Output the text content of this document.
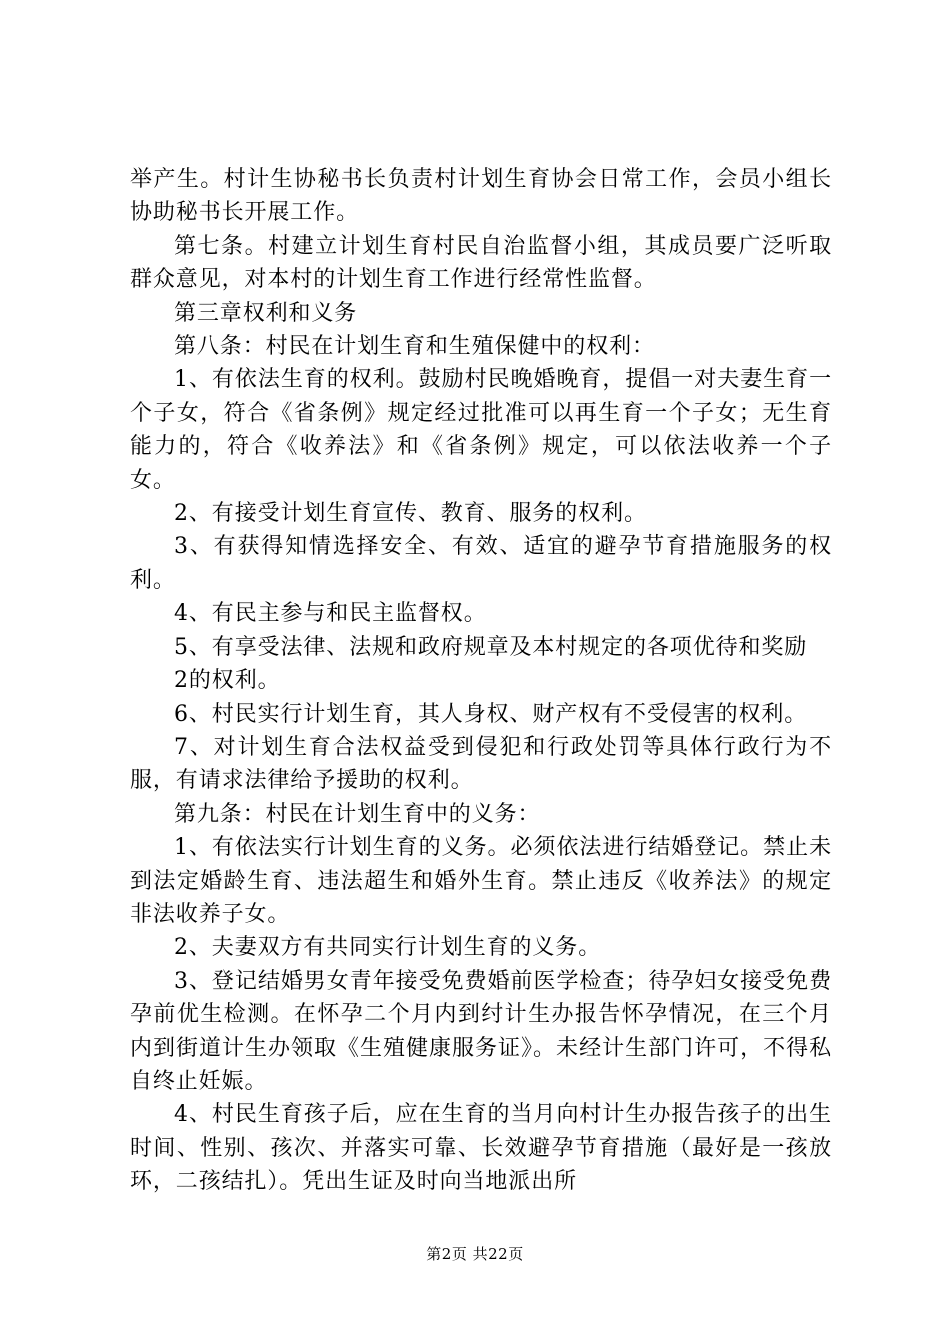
举产生。村计生协秘书长负责村计划生育协会日常工作，会员小组长协助秘书长开展工作。

第七条。村建立计划生育村民自治监督小组，其成员要广泛听取群众意见，对本村的计划生育工作进行经常性监督。

第三章权利和义务

第八条：村民在计划生育和生殖保健中的权利：

1、有依法生育的权利。鼓励村民晚婚晚育，提倡一对夫妻生育一个子女，符合《省条例》规定经过批准可以再生育一个子女；无生育能力的，符合《收养法》和《省条例》规定，可以依法收养一个子女。

2、有接受计划生育宣传、教育、服务的权利。

3、有获得知情选择安全、有效、适宜的避孕节育措施服务的权利。

4、有民主参与和民主监督权。

5、有享受法律、法规和政府规章及本村规定的各项优待和奖励

2的权利。

6、村民实行计划生育，其人身权、财产权有不受侵害的权利。

7、对计划生育合法权益受到侵犯和行政处罚等具体行政行为不服，有请求法律给予援助的权利。

第九条：村民在计划生育中的义务：

1、有依法实行计划生育的义务。必须依法进行结婚登记。禁止未到法定婚龄生育、违法超生和婚外生育。禁止违反《收养法》的规定非法收养子女。

2、夫妻双方有共同实行计划生育的义务。

3、登记结婚男女青年接受免费婚前医学检查；待孕妇女接受免费孕前优生检测。在怀孕二个月内到纣计生办报告怀孕情况，在三个月内到街道计生办领取《生殖健康服务证》。未经计生部门许可，不得私自终止妊娠。

4、村民生育孩子后，应在生育的当月向村计生办报告孩子的出生时间、性别、孩次、并落实可靠、长效避孕节育措施（最好是一孩放环，二孩结扎）。凭出生证及时向当地派出所

第2页 共22页
